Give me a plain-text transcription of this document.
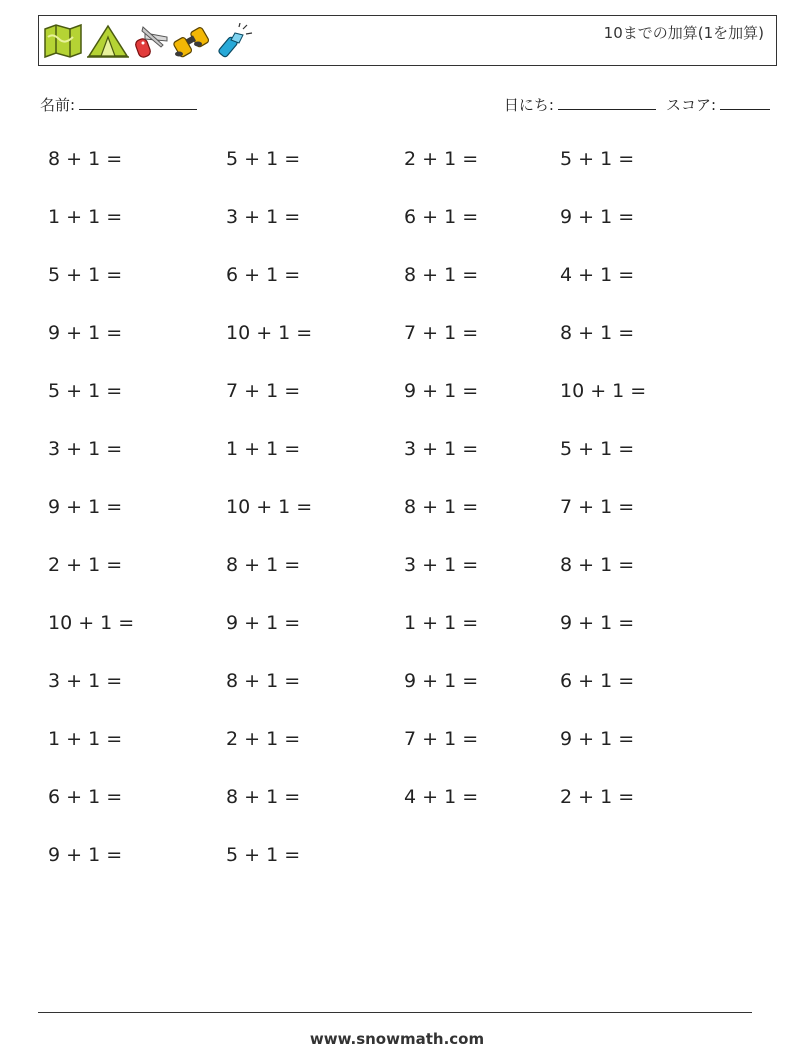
10までの加算(1を加算)
名前:	日にち:	スコア:
8 + 1 =	5 + 1 =	2 + 1 =	5 + 1 =
1 + 1 =	3 + 1 =	6 + 1 =	9 + 1 =
5 + 1 =	6 + 1 =	8 + 1 =	4 + 1 =
9 + 1 =	10 + 1 =	7 + 1 =	8 + 1 =
5 + 1 =	7 + 1 =	9 + 1 =	10 + 1 =
3 + 1 =	1 + 1 =	3 + 1 =	5 + 1 =
9 + 1 =	10 + 1 =	8 + 1 =	7 + 1 =
2 + 1 =	8 + 1 =	3 + 1 =	8 + 1 =
10 + 1 =	9 + 1 =	1 + 1 =	9 + 1 =
3 + 1 =	8 + 1 =	9 + 1 =	6 + 1 =
1 + 1 =	2 + 1 =	7 + 1 =	9 + 1 =
6 + 1 =	8 + 1 =	4 + 1 =	2 + 1 =
9 + 1 =	5 + 1 =
www.snowmath.com
